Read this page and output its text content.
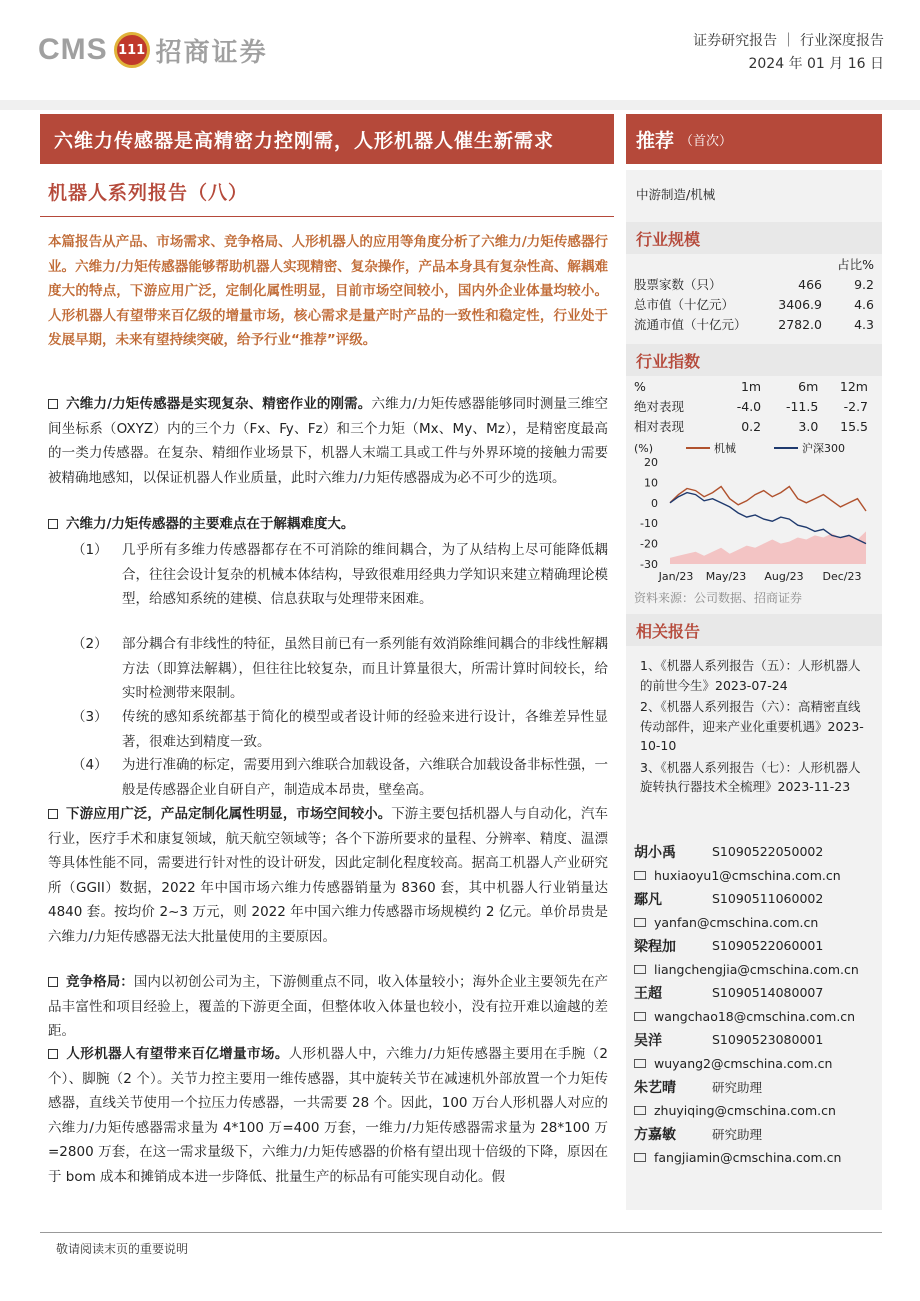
CMS 111 招商证券	证券研究报告 ｜ 行业深度报告
2024 年 01 月 16 日
六维力传感器是高精密力控刚需，人形机器人催生新需求	推荐 （首次）
机器人系列报告（八）
本篇报告从产品、市场需求、竞争格局、人形机器人的应用等角度分析了六维力/力矩传感器行业。六维力/力矩传感器能够帮助机器人实现精密、复杂操作，产品本身具有复杂性高、解耦难度大的特点，下游应用广泛，定制化属性明显，目前市场空间较小，国内外企业体量均较小。人形机器人有望带来百亿级的增量市场，核心需求是量产时产品的一致性和稳定性，行业处于发展早期，未来有望持续突破，给予行业“推荐”评级。
六维力/力矩传感器是实现复杂、精密作业的刚需。六维力/力矩传感器能够同时测量三维空间坐标系（OXYZ）内的三个力（Fx、Fy、Fz）和三个力矩（Mx、My、Mz），是精密度最高的一类力传感器。在复杂、精细作业场景下，机器人末端工具或工件与外界环境的接触力需要被精确地感知，以保证机器人作业质量，此时六维力/力矩传感器成为必不可少的选项。
六维力/力矩传感器的主要难点在于解耦难度大。
（1） 几乎所有多维力传感器都存在不可消除的维间耦合，为了从结构上尽可能降低耦合，往往会设计复杂的机械本体结构，导致很难用经典力学知识来建立精确理论模型，给感知系统的建模、信息获取与处理带来困难。
（2） 部分耦合有非线性的特征，虽然目前已有一系列能有效消除维间耦合的非线性解耦方法（即算法解耦），但往往比较复杂，而且计算量很大，所需计算时间较长，给实时检测带来限制。
（3） 传统的感知系统都基于简化的模型或者设计师的经验来进行设计，各维差异性显著，很难达到精度一致。
（4） 为进行准确的标定，需要用到六维联合加载设备，六维联合加载设备非标性强，一般是传感器企业自研自产，制造成本昂贵，壁垒高。
下游应用广泛，产品定制化属性明显，市场空间较小。下游主要包括机器人与自动化，汽车行业，医疗手术和康复领域，航天航空领域等；各个下游所要求的量程、分辨率、精度、温漂等具体性能不同，需要进行针对性的设计研发，因此定制化程度较高。据高工机器人产业研究所（GGII）数据，2022 年中国市场六维力传感器销量为 8360 套，其中机器人行业销量达 4840 套。按均价 2~3 万元，则 2022 年中国六维力传感器市场规模约 2 亿元。单价昂贵是六维力/力矩传感器无法大批量使用的主要原因。
竞争格局：国内以初创公司为主，下游侧重点不同，收入体量较小；海外企业主要领先在产品丰富性和项目经验上，覆盖的下游更全面，但整体收入体量也较小，没有拉开难以逾越的差距。
人形机器人有望带来百亿增量市场。人形机器人中，六维力/力矩传感器主要用在手腕（2 个）、脚腕（2 个）。关节力控主要用一维传感器，其中旋转关节在减速机外部放置一个力矩传感器，直线关节使用一个拉压力传感器，一共需要 28 个。因此，100 万台人形机器人对应的六维力/力矩传感器需求量为 4*100 万=400 万套，一维力/力矩传感器需求量为 28*100 万=2800 万套，在这一需求量级下，六维力/力矩传感器的价格有望出现十倍级的下降，原因在于 bom 成本和摊销成本进一步降低、批量生产的标品有可能实现自动化。假
中游制造/机械
行业规模
		占比%
股票家数（只）	466	9.2
总市值（十亿元）	3406.9	4.6
流通市值（十亿元）	2782.0	4.3
行业指数
%	1m	6m	12m
绝对表现	-4.0	-11.5	-2.7
相对表现	0.2	3.0	15.5
(%)
20
10
0
-10
-20
-30
Jan/23 May/23 Aug/23 Dec/23
机械	沪深300
资料来源：公司数据、招商证券
相关报告
1、《机器人系列报告（五）：人形机器人的前世今生》2023-07-24
2、《机器人系列报告（六）：高精密直线传动部件，迎来产业化重要机遇》2023-10-10
3、《机器人系列报告（七）：人形机器人旋转执行器技术全梳理》2023-11-23
胡小禹	S1090522050002
huxiaoyu1@cmschina.com.cn
鄢凡	S1090511060002
yanfan@cmschina.com.cn
梁程加	S1090522060001
liangchengjia@cmschina.com.cn
王超	S1090514080007
wangchao18@cmschina.com.cn
吴洋	S1090523080001
wuyang2@cmschina.com.cn
朱艺晴	研究助理
zhuyiqing@cmschina.com.cn
方嘉敏	研究助理
fangjiamin@cmschina.com.cn
敬请阅读末页的重要说明
